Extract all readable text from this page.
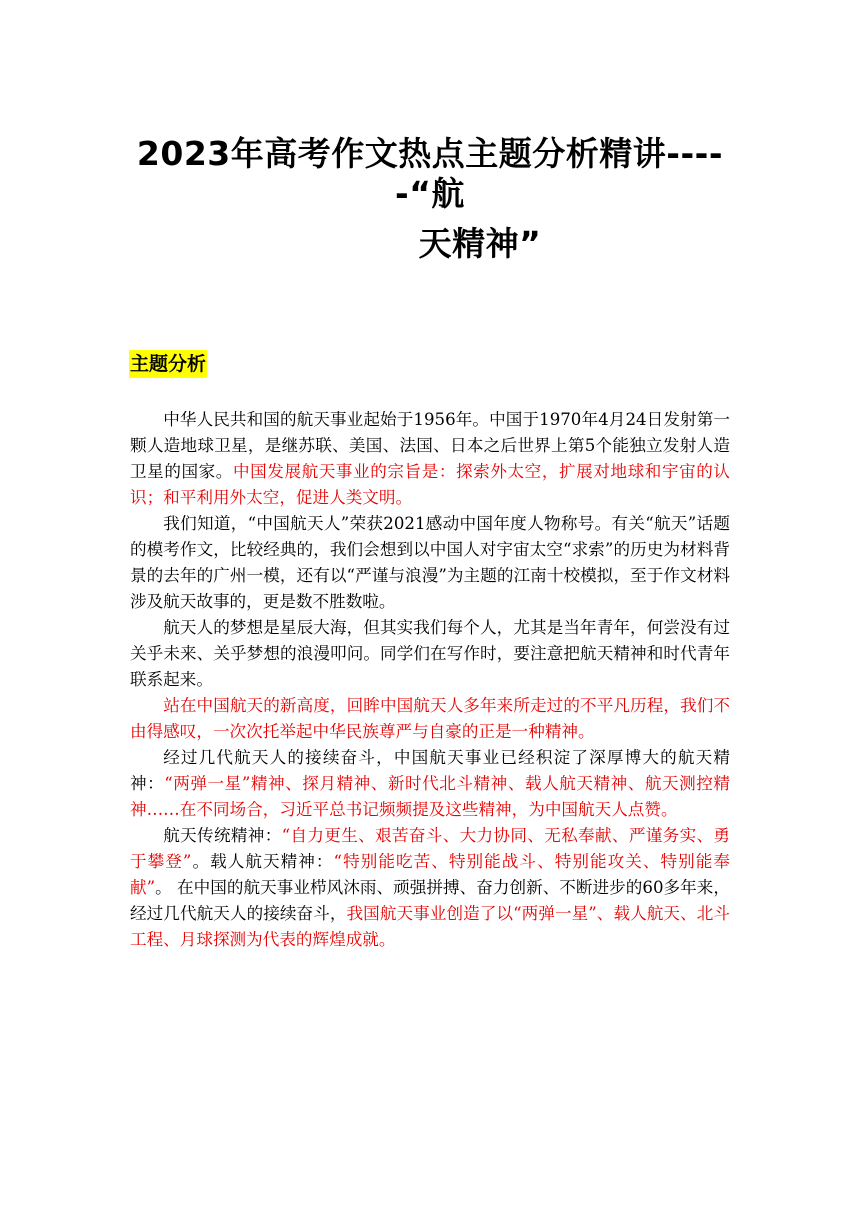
2023年高考作文热点主题分析精讲-----“航
天精神”
主题分析

中华人民共和国的航天事业起始于1956年。中国于1970年4月24日发射第一颗人造地球卫星，是继苏联、美国、法国、日本之后世界上第5个能独立发射人造卫星的国家。中国发展航天事业的宗旨是：探索外太空，扩展对地球和宇宙的认识；和平利用外太空，促进人类文明。

我们知道，“中国航天人”荣获2021感动中国年度人物称号。有关“航天”话题的模考作文，比较经典的，我们会想到以中国人对宇宙太空“求索”的历史为材料背景的去年的广州一模，还有以“严谨与浪漫”为主题的江南十校模拟，至于作文材料涉及航天故事的，更是数不胜数啦。

航天人的梦想是星辰大海，但其实我们每个人，尤其是当年青年，何尝没有过关乎未来、关乎梦想的浪漫叩问。同学们在写作时，要注意把航天精神和时代青年联系起来。

站在中国航天的新高度，回眸中国航天人多年来所走过的不平凡历程，我们不由得感叹，一次次托举起中华民族尊严与自豪的正是一种精神。

经过几代航天人的接续奋斗，中国航天事业已经积淀了深厚博大的航天精神：“两弹一星”精神、探月精神、新时代北斗精神、载人航天精神、航天测控精神……在不同场合，习近平总书记频频提及这些精神，为中国航天人点赞。

航天传统精神：“自力更生、艰苦奋斗、大力协同、无私奉献、严谨务实、勇于攀登”。载人航天精神：“特别能吃苦、特别能战斗、特别能攻关、特别能奉献”。 在中国的航天事业栉风沐雨、顽强拼搏、奋力创新、不断进步的60多年来，经过几代航天人的接续奋斗，我国航天事业创造了以“两弹一星”、载人航天、北斗工程、月球探测为代表的辉煌成就。
